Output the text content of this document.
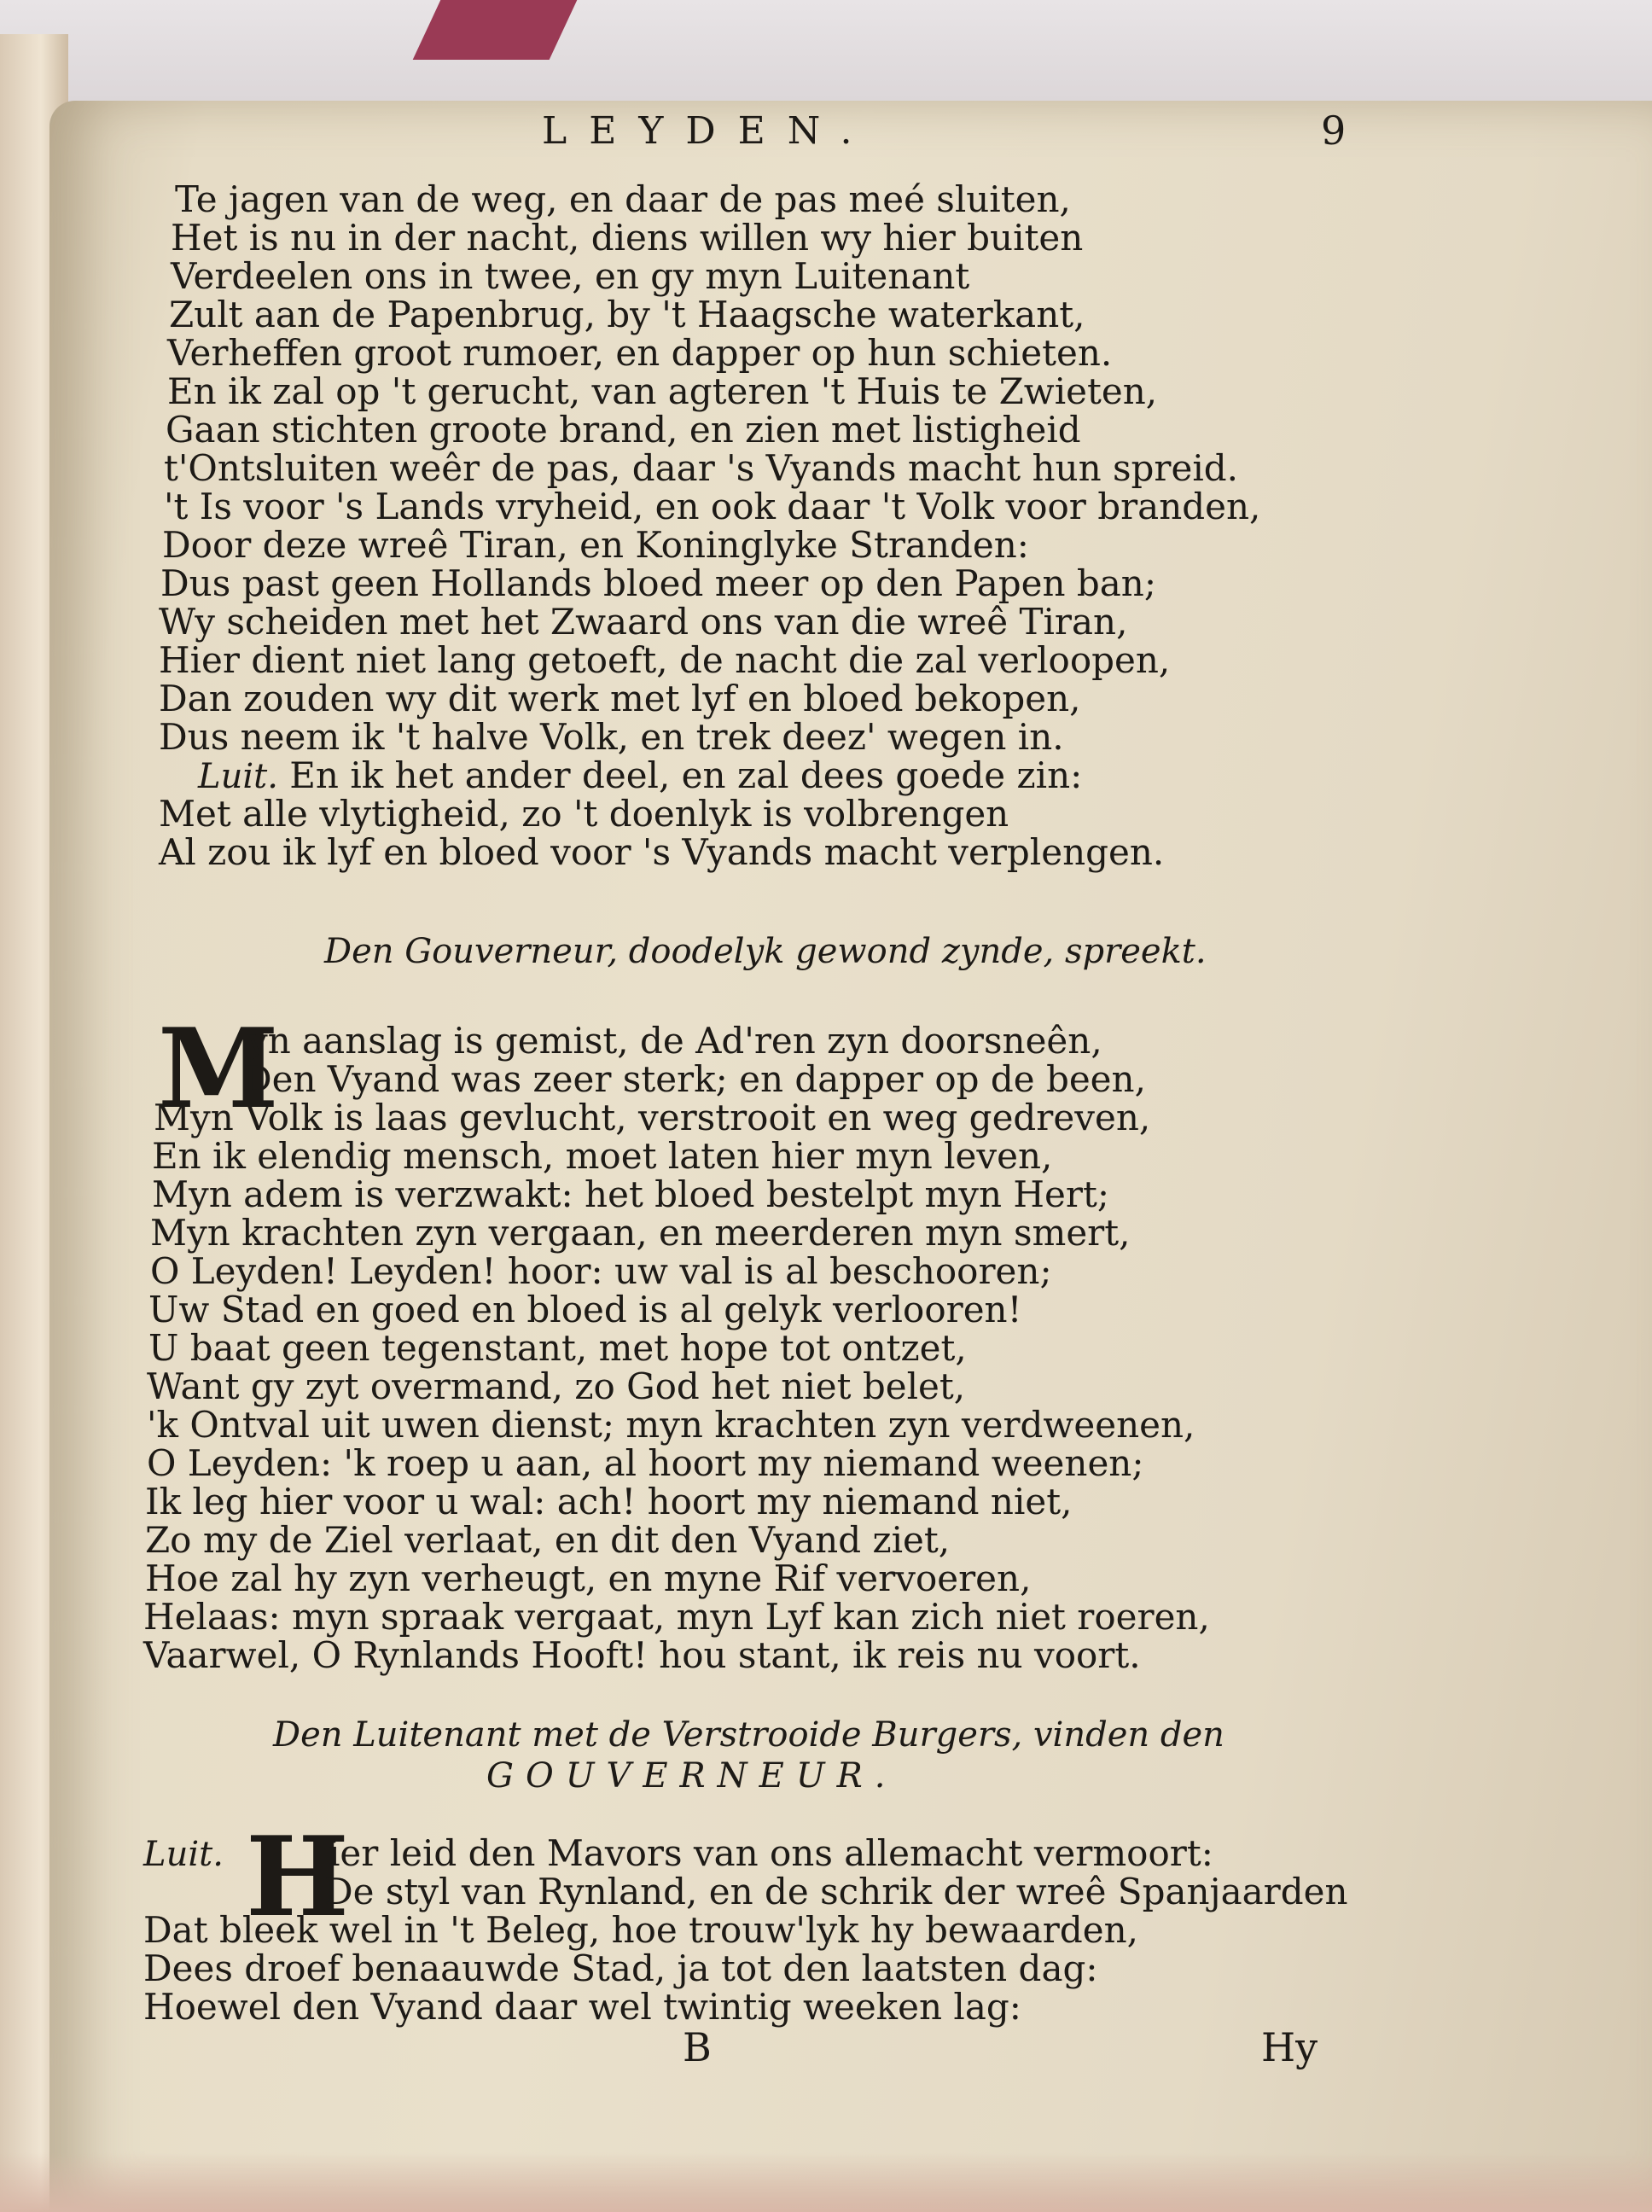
LEYDEN.	9
Te jagen van de weg, en daar de pas meé sluiten,
Het is nu in der nacht, diens willen wy hier buiten
Verdeelen ons in twee, en gy myn Luitenant
Zult aan de Papenbrug, by 't Haagsche waterkant,
Verheffen groot rumoer, en dapper op hun schieten.
En ik zal op 't gerucht, van agteren 't Huis te Zwieten,
Gaan stichten groote brand, en zien met listigheid
t'Ontsluiten weêr de pas, daar 's Vyands macht hun spreid.
't Is voor 's Lands vryheid, en ook daar 't Volk voor branden,
Door deze wreê Tiran, en Koninglyke Stranden:
Dus past geen Hollands bloed meer op den Papen ban;
Wy scheiden met het Zwaard ons van die wreê Tiran,
Hier dient niet lang getoeft, de nacht die zal verloopen,
Dan zouden wy dit werk met lyf en bloed bekopen,
Dus neem ik 't halve Volk, en trek deez' wegen in.
Luit. En ik het ander deel, en zal dees goede zin:
Met alle vlytigheid, zo 't doenlyk is volbrengen
Al zou ik lyf en bloed voor 's Vyands macht verplengen.
Den Gouverneur, doodelyk gewond zynde, spreekt.
M
yn aanslag is gemist, de Ad'ren zyn doorsneên,
Den Vyand was zeer sterk; en dapper op de been,
Myn Volk is laas gevlucht, verstrooit en weg gedreven,
En ik elendig mensch, moet laten hier myn leven,
Myn adem is verzwakt: het bloed bestelpt myn Hert;
Myn krachten zyn vergaan, en meerderen myn smert,
O Leyden! Leyden! hoor: uw val is al beschooren;
Uw Stad en goed en bloed is al gelyk verlooren!
U baat geen tegenstant, met hope tot ontzet,
Want gy zyt overmand, zo God het niet belet,
'k Ontval uit uwen dienst; myn krachten zyn verdweenen,
O Leyden: 'k roep u aan, al hoort my niemand weenen;
Ik leg hier voor u wal: ach! hoort my niemand niet,
Zo my de Ziel verlaat, en dit den Vyand ziet,
Hoe zal hy zyn verheugt, en myne Rif vervoeren,
Helaas: myn spraak vergaat, myn Lyf kan zich niet roeren,
Vaarwel, O Rynlands Hooft! hou stant, ik reis nu voort.
Den Luitenant met de Verstrooide Burgers, vinden den
GOUVERNEUR.
Luit. H
ier leid den Mavors van ons allemacht vermoort:
De styl van Rynland, en de schrik der wreê Spanjaarden
Dat bleek wel in 't Beleg, hoe trouw'lyk hy bewaarden,
Dees droef benaauwde Stad, ja tot den laatsten dag:
Hoewel den Vyand daar wel twintig weeken lag:
B	Hy
